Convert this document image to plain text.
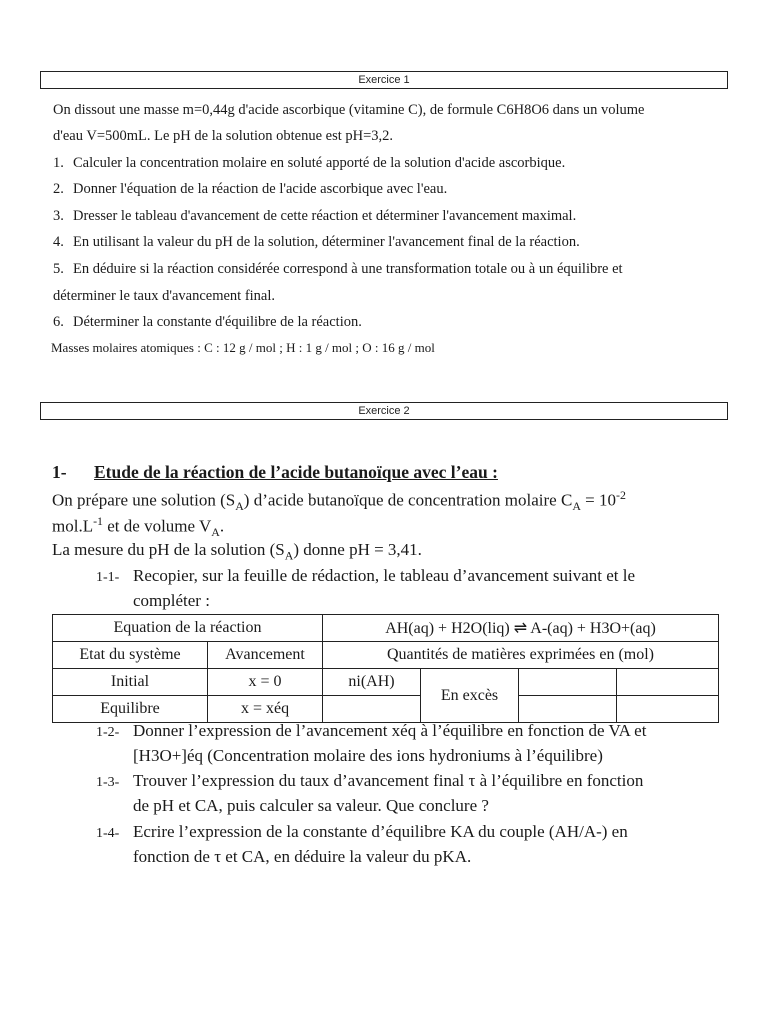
Exercice 1
On dissout une masse m=0,44g d'acide ascorbique (vitamine C), de formule C6H8O6 dans un volume
d'eau V=500mL. Le pH de la solution obtenue est pH=3,2.
1. Calculer la concentration molaire en soluté apporté de la solution d'acide ascorbique.
2. Donner l'équation de la réaction de l'acide ascorbique avec l'eau.
3. Dresser le tableau d'avancement de cette réaction et déterminer l'avancement maximal.
4. En utilisant la valeur du pH de la solution, déterminer l'avancement final de la réaction.
5. En déduire si la réaction considérée correspond à une transformation totale ou à un équilibre et
déterminer le taux d'avancement final.
6. Déterminer la constante d'équilibre de la réaction.
Masses molaires atomiques : C : 12 g / mol ; H : 1 g / mol ; O : 16 g / mol
Exercice 2
1- Etude de la réaction de l’acide butanoïque avec l’eau :
On prépare une solution $(S_A)$ d’acide butanoïque de concentration molaire $C_A = 10^{-2}$
$mol.L^{-1}$ et de volume $V_A$.
La mesure du pH de la solution $(S_A)$ donne pH = 3,41.
1-1- Recopier, sur la feuille de rédaction, le tableau d’avancement suivant et le
compléter :
Equation de la réaction		AH(aq) + H2O(liq) ⇌ A-(aq) + H3O+(aq)			
Etat du système	Avancement	Quantités de matières exprimées en (mol)			
Initial	x = 0	ni(AH)	En excès		
Equilibre	x = xéq				
1-2- Donner l’expression de l’avancement xéq à l’équilibre en fonction de VA et
[H3O+]éq (Concentration molaire des ions hydroniums à l’équilibre)
1-3- Trouver l’expression du taux d’avancement final τ à l’équilibre en fonction
de pH et CA, puis calculer sa valeur. Que conclure ?
1-4- Ecrire l’expression de la constante d’équilibre KA du couple (AH/A-) en
fonction de τ et CA, en déduire la valeur du pKA.
